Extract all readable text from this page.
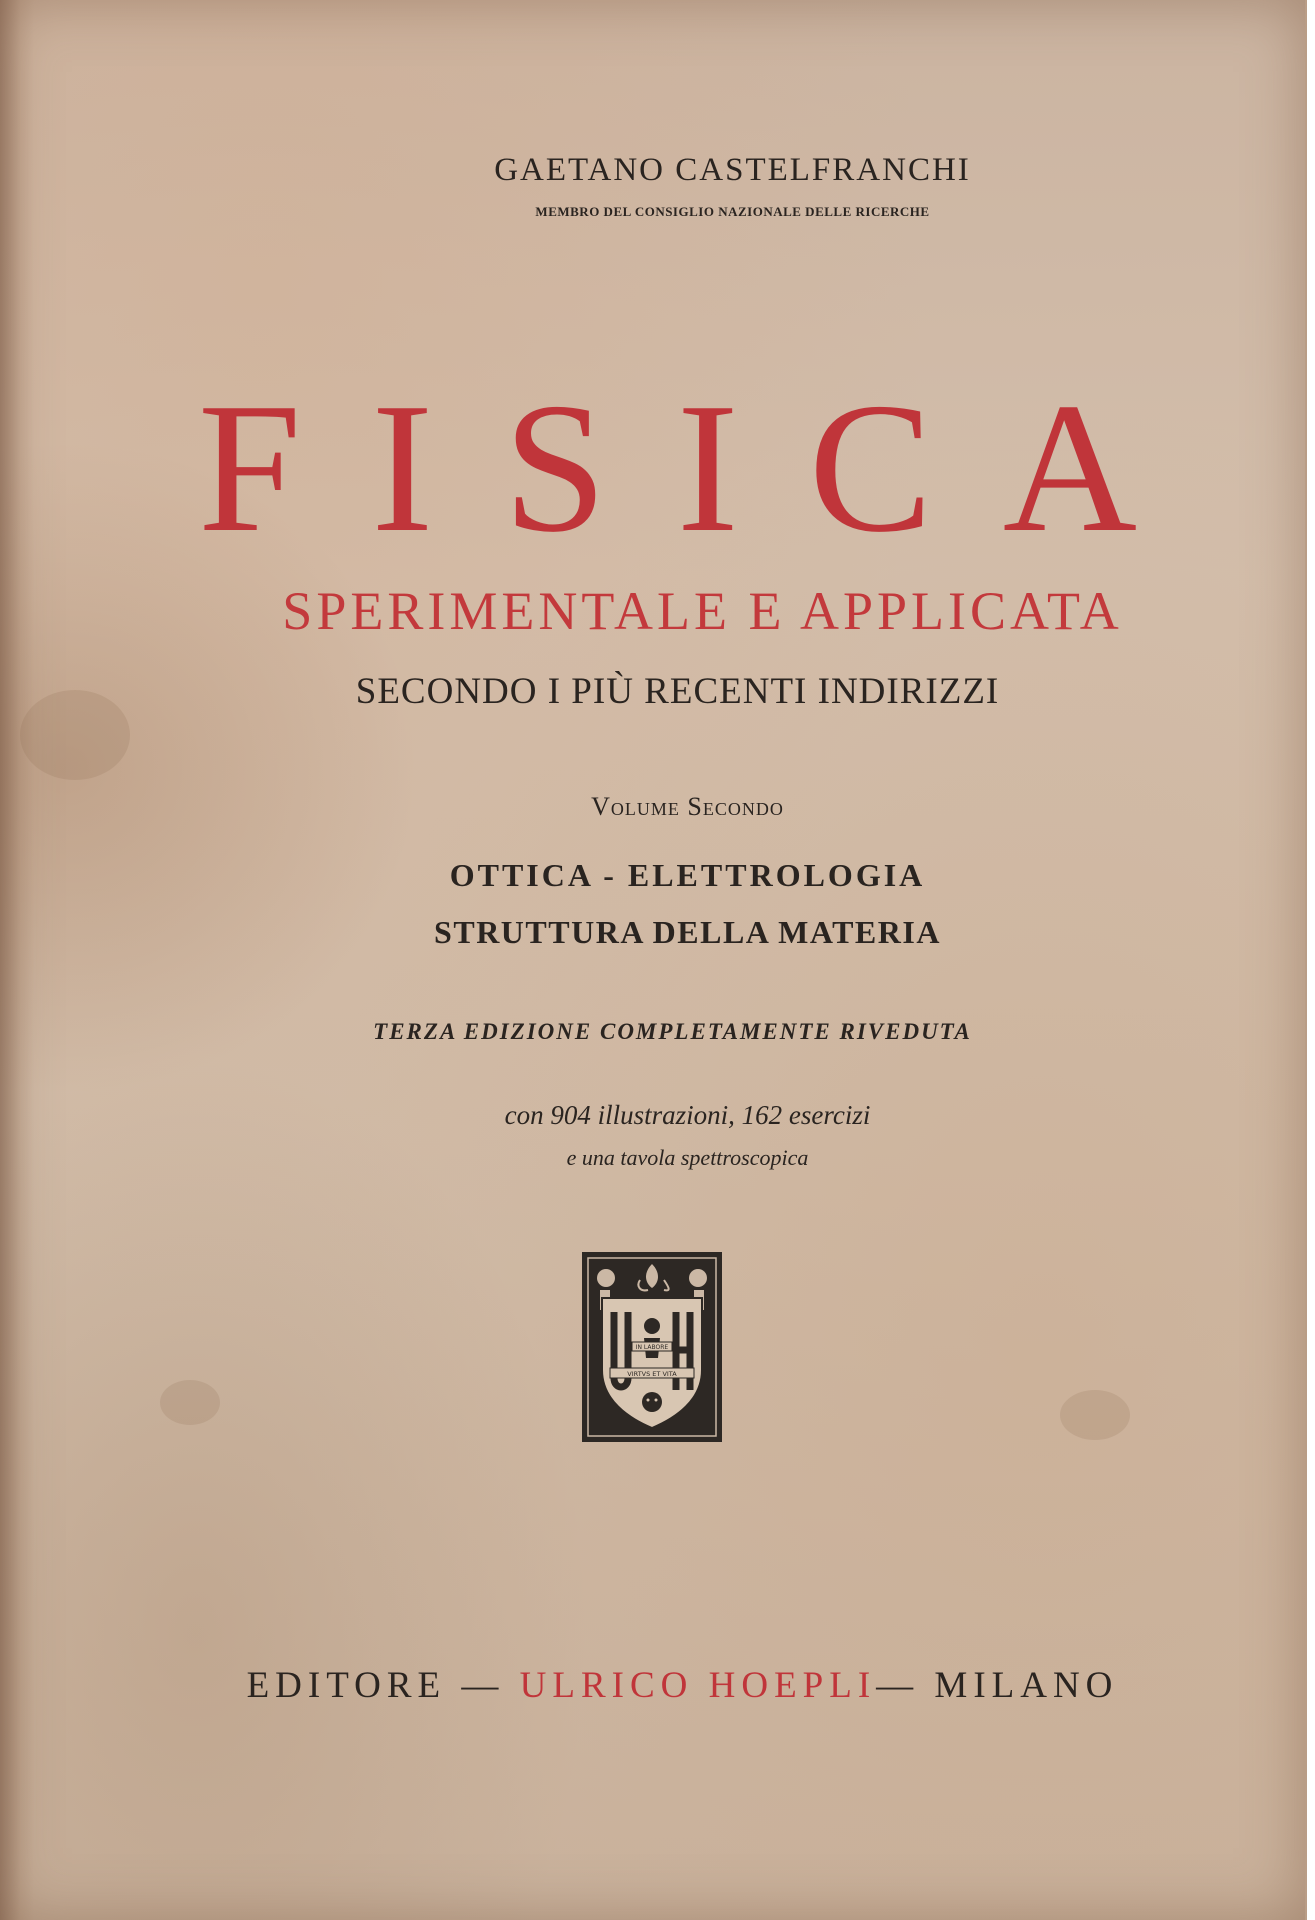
GAETANO CASTELFRANCHI
MEMBRO DEL CONSIGLIO NAZIONALE DELLE RICERCHE
FISICA
SPERIMENTALE E APPLICATA
SECONDO I PIÙ RECENTI INDIRIZZI
Volume Secondo
OTTICA - ELETTROLOGIA
STRUTTURA DELLA MATERIA
TERZA EDIZIONE COMPLETAMENTE RIVEDUTA
con 904 illustrazioni, 162 esercizi
e una tavola spettroscopica
IN LABORE
VIRTVS ET VITA
EDITORE — ULRICO HOEPLI— MILANO
